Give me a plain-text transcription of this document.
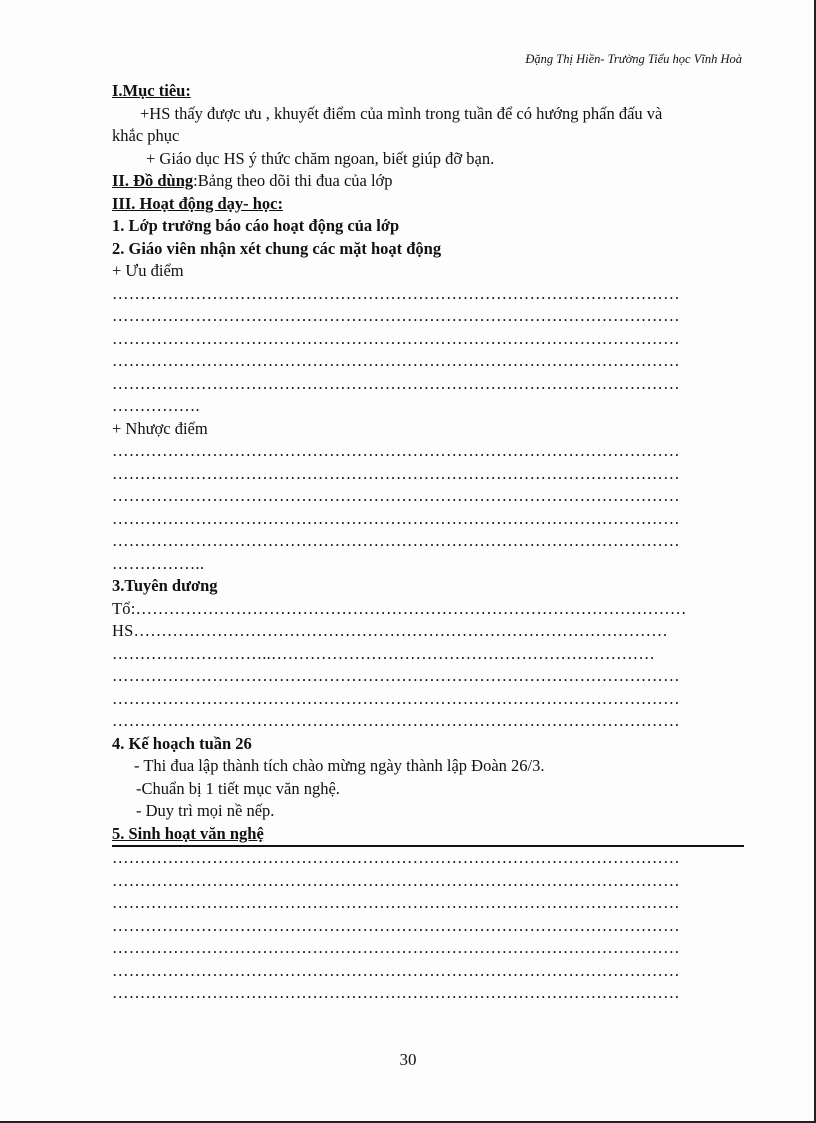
Đặng Thị Hiền- Trường Tiểu học Vĩnh Hoà
I.Mục tiêu:
+HS thấy được ưu , khuyết điểm của mình trong tuần để có hướng phấn đấu và
khắc phục
+ Giáo dục HS ý thức chăm ngoan, biết giúp đỡ bạn.
II. Đồ dùng:Bảng theo dõi thi đua của lớp
III. Hoạt động dạy- học:
1. Lớp trưởng báo cáo hoạt động của lớp
2. Giáo viên nhận xét chung các mặt hoạt động
+ Ưu điểm
…………………………………………………………………………………………
…………………………………………………………………………………………
…………………………………………………………………………………………
…………………………………………………………………………………………
…………………………………………………………………………………………
…………….
+ Nhược điểm
…………………………………………………………………………………………
…………………………………………………………………………………………
…………………………………………………………………………………………
…………………………………………………………………………………………
…………………………………………………………………………………………
……………..
3.Tuyên dương
Tổ:………………………………………………………………………………………
HS……………………………………………………………………………………
………………………..……………………………………………………………
…………………………………………………………………………………………
…………………………………………………………………………………………
…………………………………………………………………………………………
4. Kế hoạch tuần 26
- Thi đua lập thành tích chào mừng ngày thành lập Đoàn 26/3.
-Chuẩn bị 1 tiết mục văn nghệ.
- Duy trì mọi nề nếp.
5. Sinh hoạt văn nghệ
…………………………………………………………………………………………
…………………………………………………………………………………………
…………………………………………………………………………………………
…………………………………………………………………………………………
…………………………………………………………………………………………
…………………………………………………………………………………………
…………………………………………………………………………………………
30
